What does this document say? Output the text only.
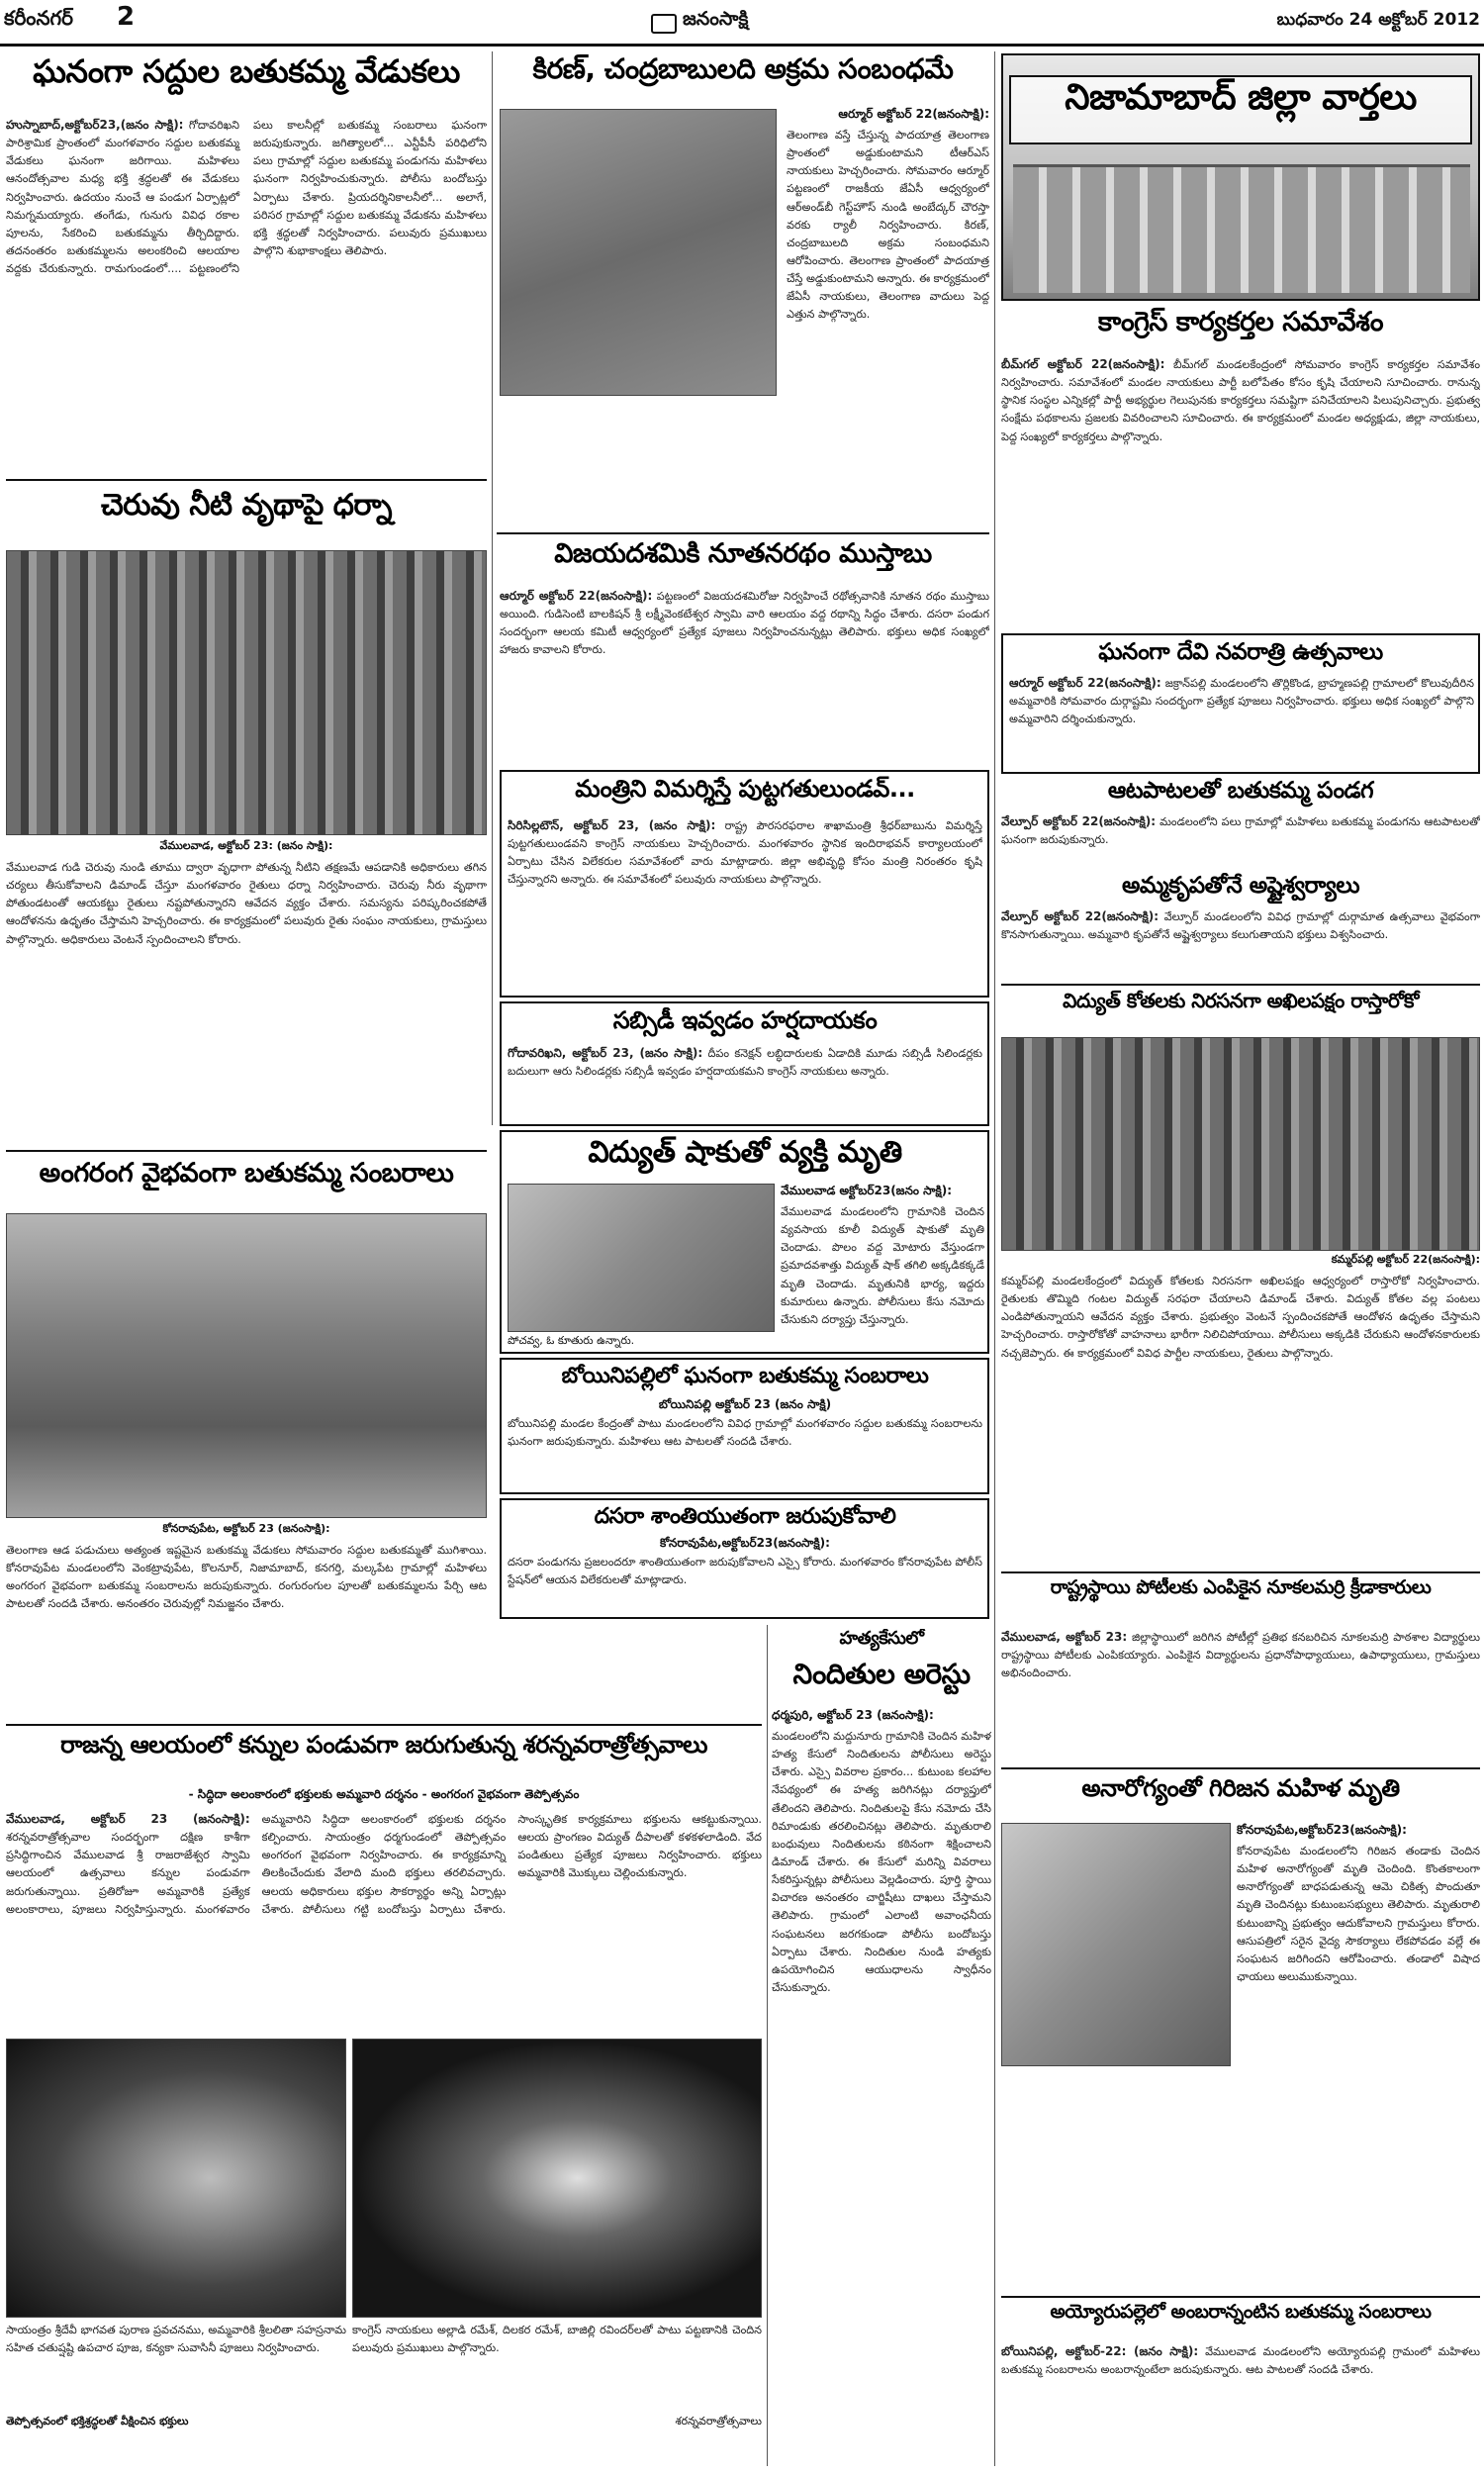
కరీంనగర్	2	జనంసాక్షి	బుధవారం 24 అక్టోబర్ 2012
ఘనంగా సద్దుల బతుకమ్మ వేడుకలు
హుస్నాబాద్‌,అక్టోబర్‌23,(జనం సాక్షి): గోదావరిఖని పారిశ్రామిక ప్రాంతంలో మంగళవారం సద్దుల బతుకమ్మ వేడుకలు ఘనంగా జరిగాయి. మహిళలు ఆనందోత్సవాల మధ్య భక్తి శ్రద్ధలతో ఈ వేడుకలు నిర్వహించారు. ఉదయం నుంచే ఆ పండుగ ఏర్పాట్లలో నిమగ్నమయ్యారు. తంగేడు, గునుగు వివిధ రకాల పూలను, సేకరించి బతుకమ్మను తీర్చిదిద్దారు. తదనంతరం బతుకమ్మలను అలంకరించి ఆలయాల వద్దకు చేరుకున్నారు. రామగుండంలో.... పట్టణంలోని పలు కాలనీల్లో బతుకమ్మ సంబరాలు ఘనంగా జరుపుకున్నారు. జగిత్యాలలో... ఎన్టీపీసీ పరిధిలోని పలు గ్రామాల్లో సద్దుల బతుకమ్మ పండుగను మహిళలు ఘనంగా నిర్వహించుకున్నారు. పోలీసు బందోబస్తు ఏర్పాటు చేశారు. ప్రియదర్శినికాలనీలో... అలాగే, పరిసర గ్రామాల్లో సద్దుల బతుకమ్మ వేడుకను మహిళలు భక్తి శ్రద్ధలతో నిర్వహించారు. పలువురు ప్రముఖులు పాల్గొని శుభాకాంక్షలు తెలిపారు.
చెరువు నీటి వృథాపై ధర్నా
వేములవాడ, అక్టోబర్‌ 23: (జనం సాక్షి):
వేములవాడ గుడి చెరువు నుండి తూము ద్వారా వృధాగా పోతున్న నీటిని తక్షణమే ఆపడానికి అధికారులు తగిన చర్యలు తీసుకోవాలని డిమాండ్‌ చేస్తూ మంగళవారం రైతులు ధర్నా నిర్వహించారు. చెరువు నీరు వృథాగా పోతుండటంతో ఆయకట్టు రైతులు నష్టపోతున్నారని ఆవేదన వ్యక్తం చేశారు. సమస్యను పరిష్కరించకపోతే ఆందోళనను ఉధృతం చేస్తామని హెచ్చరించారు. ఈ కార్యక్రమంలో పలువురు రైతు సంఘం నాయకులు, గ్రామస్తులు పాల్గొన్నారు. అధికారులు వెంటనే స్పందించాలని కోరారు.
అంగరంగ వైభవంగా బతుకమ్మ సంబరాలు
కోనరావుపేట, అక్టోబర్‌ 23 (జనంసాక్షి):
తెలంగాణ ఆడ పడుచులు అత్యంత ఇష్టమైన బతుకమ్మ వేడుకలు సోమవారం సద్దుల బతుకమ్మతో ముగిశాయి. కోనరావుపేట మండలంలోని వెంకట్రావుపేట, కొలనూర్‌, నిజామాబాద్‌, కనగర్తి, మల్కపేట గ్రామాల్లో మహిళలు అంగరంగ వైభవంగా బతుకమ్మ సంబరాలను జరుపుకున్నారు. రంగురంగుల పూలతో బతుకమ్మలను పేర్చి ఆట పాటలతో సందడి చేశారు. అనంతరం చెరువుల్లో నిమజ్జనం చేశారు.
కిరణ్‌, చంద్రబాబులది అక్రమ సంబంధమే
ఆర్మూర్‌ అక్టోబర్‌ 22(జనంసాక్షి):
తెలంగాణ వస్తే చేస్తున్న పాదయాత్ర తెలంగాణ ప్రాంతంలో అడ్డుకుంటామని టీఆర్‌ఎస్‌ నాయకులు హెచ్చరించారు. సోమవారం ఆర్మూర్‌ పట్టణంలో రాజకీయ జేఏసీ ఆధ్వర్యంలో ఆర్‌అండ్‌బీ గెస్ట్‌హౌస్‌ నుండి అంబేద్కర్‌ చౌరస్తా వరకు ర్యాలీ నిర్వహించారు. కిరణ్‌, చంద్రబాబులది అక్రమ సంబంధమని ఆరోపించారు. తెలంగాణ ప్రాంతంలో పాదయాత్ర చేస్తే అడ్డుకుంటామని అన్నారు. ఈ కార్యక్రమంలో జేఏసీ నాయకులు, తెలంగాణ వాదులు పెద్ద ఎత్తున పాల్గొన్నారు.
విజయదశమికి నూతనరథం ముస్తాబు
ఆర్మూర్‌ అక్టోబర్‌ 22(జనంసాక్షి): పట్టణంలో విజయదశమిరోజు నిర్వహించే రథోత్సవానికి నూతన రథం ముస్తాబు అయింది. గుడిసెంటి బాలకిషన్‌ శ్రీ లక్ష్మీవెంకటేశ్వర స్వామి వారి ఆలయం వద్ద రథాన్ని సిద్ధం చేశారు. దసరా పండుగ సందర్భంగా ఆలయ కమిటీ ఆధ్వర్యంలో ప్రత్యేక పూజలు నిర్వహించనున్నట్లు తెలిపారు. భక్తులు అధిక సంఖ్యలో హాజరు కావాలని కోరారు.
మంత్రిని విమర్శిస్తే పుట్టగతులుండవ్‌...
సిరిసిల్లటౌన్‌, అక్టోబర్‌ 23, (జనం సాక్షి): రాష్ట్ర పౌరసరఫరాల శాఖామంత్రి శ్రీధర్‌బాబును విమర్శిస్తే పుట్టగతులుండవని కాంగ్రెస్‌ నాయకులు హెచ్చరించారు. మంగళవారం స్థానిక ఇందిరాభవన్‌ కార్యాలయంలో ఏర్పాటు చేసిన విలేకరుల సమావేశంలో వారు మాట్లాడారు. జిల్లా అభివృద్ధి కోసం మంత్రి నిరంతరం కృషి చేస్తున్నారని అన్నారు. ఈ సమావేశంలో పలువురు నాయకులు పాల్గొన్నారు.
సబ్సిడీ ఇవ్వడం హర్షదాయకం
గోదావరిఖని, అక్టోబర్‌ 23, (జనం సాక్షి): దీపం కనెక్షన్‌ లబ్ధిదారులకు ఏడాదికి మూడు సబ్సిడీ సిలిండర్లకు బదులుగా ఆరు సిలిండర్లకు సబ్సిడీ ఇవ్వడం హర్షదాయకమని కాంగ్రెస్‌ నాయకులు అన్నారు.
విద్యుత్‌ షాకుతో వ్యక్తి మృతి
పోచవ్వ, ఓ కూతురు ఉన్నారు.
వేములవాడ అక్టోబర్‌23(జనం సాక్షి):
వేములవాడ మండలంలోని గ్రామానికి చెందిన వ్యవసాయ కూలీ విద్యుత్‌ షాకుతో మృతి చెందాడు. పొలం వద్ద మోటారు వేస్తుండగా ప్రమాదవశాత్తు విద్యుత్‌ షాక్‌ తగిలి అక్కడికక్కడే మృతి చెందాడు. మృతునికి భార్య, ఇద్దరు కుమారులు ఉన్నారు. పోలీసులు కేసు నమోదు చేసుకుని దర్యాప్తు చేస్తున్నారు.
బోయినిపల్లిలో ఘనంగా బతుకమ్మ సంబరాలు
బోయినిపల్లి అక్టోబర్‌ 23 (జనం సాక్షి)
బోయినిపల్లి మండల కేంద్రంతో పాటు మండలంలోని వివిధ గ్రామాల్లో మంగళవారం సద్దుల బతుకమ్మ సంబరాలను ఘనంగా జరుపుకున్నారు. మహిళలు ఆట పాటలతో సందడి చేశారు.
దసరా శాంతియుతంగా జరుపుకోవాలి
కోనరావుపేట,అక్టోబర్‌23(జనంసాక్షి):
దసరా పండుగను ప్రజలందరూ శాంతియుతంగా జరుపుకోవాలని ఎస్సై కోరారు. మంగళవారం కోనరావుపేట పోలీస్‌ స్టేషన్‌లో ఆయన విలేకరులతో మాట్లాడారు.
రాజన్న ఆలయంలో కన్నుల పండువగా జరుగుతున్న శరన్నవరాత్రోత్సవాలు
- సిద్ధిదా అలంకారంలో భక్తులకు అమ్మవారి దర్శనం - అంగరంగ వైభవంగా తెప్పోత్సవం
వేములవాడ, అక్టోబర్‌ 23 (జనంసాక్షి): శరన్నవరాత్రోత్సవాల సందర్భంగా దక్షిణ కాశీగా ప్రసిద్ధిగాంచిన వేములవాడ శ్రీ రాజరాజేశ్వర స్వామి ఆలయంలో ఉత్సవాలు కన్నుల పండువగా జరుగుతున్నాయి. ప్రతిరోజూ అమ్మవారికి ప్రత్యేక అలంకారాలు, పూజలు నిర్వహిస్తున్నారు. మంగళవారం అమ్మవారిని సిద్ధిదా అలంకారంలో భక్తులకు దర్శనం కల్పించారు. సాయంత్రం ధర్మగుండంలో తెప్పోత్సవం అంగరంగ వైభవంగా నిర్వహించారు. ఈ కార్యక్రమాన్ని తిలకించేందుకు వేలాది మంది భక్తులు తరలివచ్చారు. ఆలయ అధికారులు భక్తుల సౌకర్యార్థం అన్ని ఏర్పాట్లు చేశారు. పోలీసులు గట్టి బందోబస్తు ఏర్పాటు చేశారు. సాంస్కృతిక కార్యక్రమాలు భక్తులను ఆకట్టుకున్నాయి. ఆలయ ప్రాంగణం విద్యుత్‌ దీపాలతో కళకళలాడింది. వేద పండితులు ప్రత్యేక పూజలు నిర్వహించారు. భక్తులు అమ్మవారికి మొక్కులు చెల్లించుకున్నారు.
సాయంత్రం శ్రీదేవీ భాగవత పురాణ ప్రవచనము, అమ్మవారికి శ్రీలలితా సహస్రనామ సహిత చతుష్షష్టి ఉపచార పూజ, కన్యకా సువాసినీ పూజలు నిర్వహించారు.
కాంగ్రెస్‌ నాయకులు అల్లాడి రమేశ్‌, దిలకర రమేశ్‌, బాజిల్లి రవిందర్‌లతో పాటు పట్టణానికి చెందిన పలువురు ప్రముఖులు పాల్గొన్నారు.
తెప్పోత్సవంలో భక్తిశ్రద్ధలతో వీక్షించిన భక్తులు	శరన్నవరాత్రోత్సవాలు
హత్యకేసులో
నిందితుల అరెస్టు
ధర్మపురి, అక్టోబర్‌ 23 (జనంసాక్షి):
మండలంలోని మద్దునూరు గ్రామానికి చెందిన మహిళ హత్య కేసులో నిందితులను పోలీసులు అరెస్టు చేశారు. ఎస్సై వివరాల ప్రకారం... కుటుంబ కలహాల నేపథ్యంలో ఈ హత్య జరిగినట్లు దర్యాప్తులో తేలిందని తెలిపారు. నిందితులపై కేసు నమోదు చేసి రిమాండుకు తరలించినట్లు తెలిపారు. మృతురాలి బంధువులు నిందితులను కఠినంగా శిక్షించాలని డిమాండ్‌ చేశారు. ఈ కేసులో మరిన్ని వివరాలు సేకరిస్తున్నట్లు పోలీసులు వెల్లడించారు. పూర్తి స్థాయి విచారణ అనంతరం చార్జిషీటు దాఖలు చేస్తామని తెలిపారు. గ్రామంలో ఎలాంటి అవాంఛనీయ సంఘటనలు జరగకుండా పోలీసు బందోబస్తు ఏర్పాటు చేశారు. నిందితుల నుండి హత్యకు ఉపయోగించిన ఆయుధాలను స్వాధీనం చేసుకున్నారు.
నిజామాబాద్‌ జిల్లా వార్తలు
కాంగ్రెస్‌ కార్యకర్తల సమావేశం
బీమ్‌గల్‌ అక్టోబర్‌ 22(జనంసాక్షి): బీమ్‌గల్‌ మండలకేంద్రంలో సోమవారం కాంగ్రెస్‌ కార్యకర్తల సమావేశం నిర్వహించారు. సమావేశంలో మండల నాయకులు పార్టీ బలోపేతం కోసం కృషి చేయాలని సూచించారు. రానున్న స్థానిక సంస్థల ఎన్నికల్లో పార్టీ అభ్యర్థుల గెలుపునకు కార్యకర్తలు సమష్టిగా పనిచేయాలని పిలుపునిచ్చారు. ప్రభుత్వ సంక్షేమ పథకాలను ప్రజలకు వివరించాలని సూచించారు. ఈ కార్యక్రమంలో మండల అధ్యక్షుడు, జిల్లా నాయకులు, పెద్ద సంఖ్యలో కార్యకర్తలు పాల్గొన్నారు.
ఘనంగా దేవి నవరాత్రి ఉత్సవాలు
ఆర్మూర్‌ అక్టోబర్‌ 22(జనంసాక్షి): జక్రాన్‌పల్లి మండలంలోని తొర్లికొండ, బ్రాహ్మణపల్లి గ్రామాలలో కొలువుదీరిన అమ్మవారికి సోమవారం దుర్గాష్టమి సందర్భంగా ప్రత్యేక పూజలు నిర్వహించారు. భక్తులు అధిక సంఖ్యలో పాల్గొని అమ్మవారిని దర్శించుకున్నారు.
ఆటపాటలతో బతుకమ్మ పండగ
వేల్పూర్‌ అక్టోబర్‌ 22(జనంసాక్షి): మండలంలోని పలు గ్రామాల్లో మహిళలు బతుకమ్మ పండుగను ఆటపాటలతో ఘనంగా జరుపుకున్నారు.
అమ్మకృపతోనే అష్టైశ్వర్యాలు
వేల్పూర్‌ అక్టోబర్‌ 22(జనంసాక్షి): వేల్పూర్‌ మండలంలోని వివిధ గ్రామాల్లో దుర్గామాత ఉత్సవాలు వైభవంగా కొనసాగుతున్నాయి. అమ్మవారి కృపతోనే అష్టైశ్వర్యాలు కలుగుతాయని భక్తులు విశ్వసించారు.
విద్యుత్‌ కోతలకు నిరసనగా అఖిలపక్షం రాస్తారోకో
కమ్మర్‌పల్లి అక్టోబర్‌ 22(జనంసాక్షి):
కమ్మర్‌పల్లి మండలకేంద్రంలో విద్యుత్‌ కోతలకు నిరసనగా అఖిలపక్షం ఆధ్వర్యంలో రాస్తారోకో నిర్వహించారు. రైతులకు తొమ్మిది గంటల విద్యుత్‌ సరఫరా చేయాలని డిమాండ్‌ చేశారు. విద్యుత్‌ కోతల వల్ల పంటలు ఎండిపోతున్నాయని ఆవేదన వ్యక్తం చేశారు. ప్రభుత్వం వెంటనే స్పందించకపోతే ఆందోళన ఉధృతం చేస్తామని హెచ్చరించారు. రాస్తారోకోతో వాహనాలు భారీగా నిలిచిపోయాయి. పోలీసులు అక్కడికి చేరుకుని ఆందోళనకారులకు నచ్చజెప్పారు. ఈ కార్యక్రమంలో వివిధ పార్టీల నాయకులు, రైతులు పాల్గొన్నారు.
రాష్ట్రస్థాయి పోటీలకు ఎంపికైన నూకలమర్రి క్రీడాకారులు
వేములవాడ, అక్టోబర్‌ 23: జిల్లాస్థాయిలో జరిగిన పోటీల్లో ప్రతిభ కనబరిచిన నూకలమర్రి పాఠశాల విద్యార్థులు రాష్ట్రస్థాయి పోటీలకు ఎంపికయ్యారు. ఎంపికైన విద్యార్థులను ప్రధానోపాధ్యాయులు, ఉపాధ్యాయులు, గ్రామస్తులు అభినందించారు.
అనారోగ్యంతో గిరిజన మహిళ మృతి
కోనరావుపేట,అక్టోబర్‌23(జనంసాక్షి):
కోనరావుపేట మండలంలోని గిరిజన తండాకు చెందిన మహిళ అనారోగ్యంతో మృతి చెందింది. కొంతకాలంగా అనారోగ్యంతో బాధపడుతున్న ఆమె చికిత్స పొందుతూ మృతి చెందినట్లు కుటుంబసభ్యులు తెలిపారు. మృతురాలి కుటుంబాన్ని ప్రభుత్వం ఆదుకోవాలని గ్రామస్తులు కోరారు. ఆసుపత్రిలో సరైన వైద్య సౌకర్యాలు లేకపోవడం వల్లే ఈ సంఘటన జరిగిందని ఆరోపించారు. తండాలో విషాద ఛాయలు అలుముకున్నాయి.
అయ్యోరుపల్లెలో అంబరాన్నంటిన బతుకమ్మ సంబరాలు
బోయినిపల్లి, అక్టోబర్‌-22: (జనం సాక్షి): వేములవాడ మండలంలోని అయ్యోరుపల్లి గ్రామంలో మహిళలు బతుకమ్మ సంబరాలను అంబరాన్నంటేలా జరుపుకున్నారు. ఆట పాటలతో సందడి చేశారు.
